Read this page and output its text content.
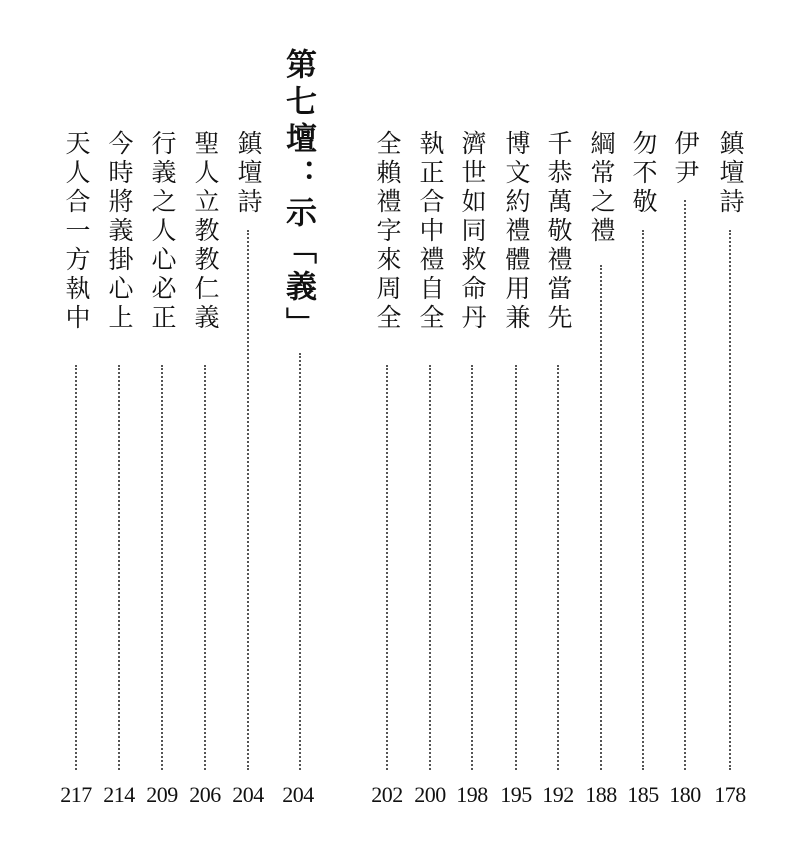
鎮壇詩
178
伊尹
180
勿不敬
185
綱常之禮
188
千恭萬敬禮當先
192
博文約禮體用兼
195
濟世如同救命丹
198
執正合中禮自全
200
全賴禮字來周全
202
第七壇：示「義」
204
鎮壇詩
204
聖人立教教仁義
206
行義之人心必正
209
今時將義掛心上
214
天人合一方執中
217
